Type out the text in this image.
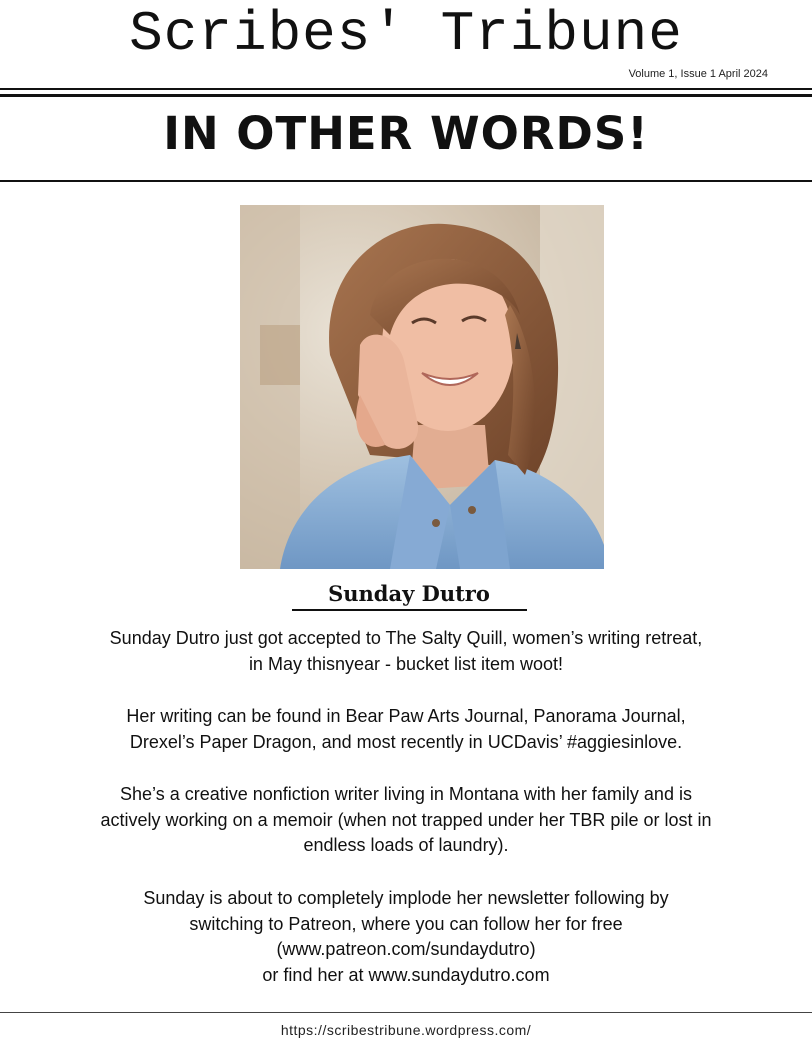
Scribes' Tribune
Volume 1, Issue 1 April 2024
IN OTHER WORDS!
Sunday Dutro
Sunday Dutro just got accepted to The Salty Quill, women’s writing retreat,
in May thisnyear - bucket list item woot!
Her writing can be found in Bear Paw Arts Journal, Panorama Journal,
Drexel’s Paper Dragon, and most recently in UCDavis’ #aggiesinlove.
She’s a creative nonfiction writer living in Montana with her family and is
actively working on a memoir (when not trapped under her TBR pile or lost in
endless loads of laundry).
Sunday is about to completely implode her newsletter following by
switching to Patreon, where you can follow her for free
(www.patreon.com/sundaydutro)
or find her at www.sundaydutro.com
https://scribestribune.wordpress.com/
